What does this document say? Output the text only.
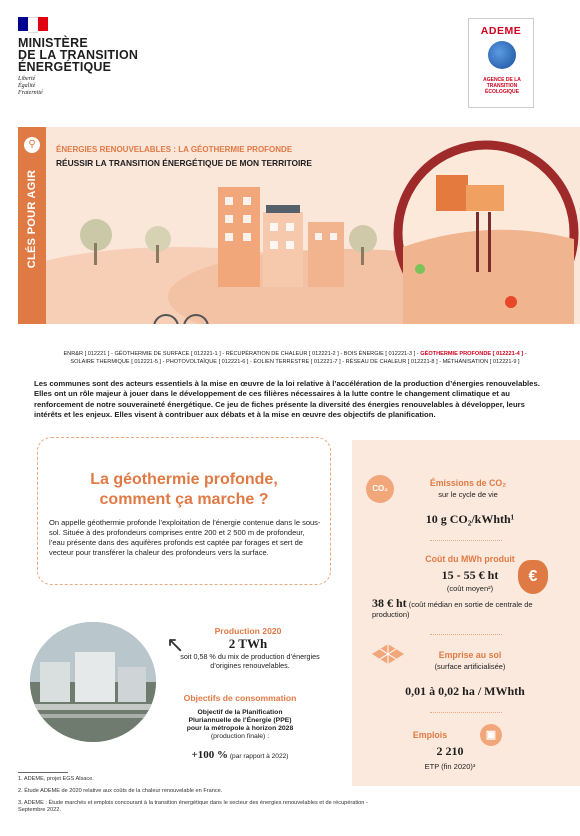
MINISTÈRE
DE LA TRANSITION
ÉNERGÉTIQUE
Liberté
Égalité
Fraternité
ADEME
AGENCE DE LA TRANSITION ÉCOLOGIQUE
⚲
CLÉS POUR AGIR
ÉNERGIES RENOUVELABLES : LA GÉOTHERMIE PROFONDE
RÉUSSIR LA TRANSITION ÉNERGÉTIQUE DE MON TERRITOIRE
ENR&R [ 012221 ] - GÉOTHERMIE DE SURFACE [ 012221-1 ] - RÉCUPÉRATION DE CHALEUR [ 012221-2 ] - BOIS ÉNERGIE [ 012221-3 ] - GÉOTHERMIE PROFONDE [ 012221-4 ] -
SOLAIRE THERMIQUE [ 012221-5 ] - PHOTOVOLTAÏQUE [ 012221-6 ] - ÉOLIEN TERRESTRE [ 012221-7 ] - RÉSEAU DE CHALEUR [ 012221-8 ] - MÉTHANISATION [ 012221-9 ]
Les communes sont des acteurs essentiels à la mise en œuvre de la loi relative à l’accélération de la production d’énergies renouvelables. Elles ont un rôle majeur à jouer dans le développement de ces filières nécessaires à la lutte contre le changement climatique et au renforcement de notre souveraineté énergétique. Ce jeu de fiches présente la diversité des énergies renouvelables à développer, leurs intérêts et les enjeux. Elles visent à contribuer aux débats et à la mise en œuvre des objectifs de planification.
La géothermie profonde,
comment ça marche ?
On appelle géothermie profonde l’exploitation de l’énergie contenue dans le sous-sol. Située à des profondeurs comprises entre 200 et 2 500 m de profondeur, l’eau présente dans des aquifères profonds est captée par forages et sert de vecteur pour transférer la chaleur des profondeurs vers la surface.
↖
Production 2020
2 TWh
soit 0,58 % du mix de production d’énergies d’origines renouvelables.
Objectifs de consommation
Objectif de la Planification
Pluriannuelle de l’Énergie (PPE)
pour la métropole à horizon 2028
(production finale) :
+100 % (par rapport à 2022)
CO₂
Émissions de CO₂
sur le cycle de vie
10 g CO₂/kWhth¹
Coût du MWh produit
15 - 55 € ht
(coût moyen²)
€
38 € ht (coût médian en sortie de centrale de production)
Emprise au sol
(surface artificialisée)
0,01 à 0,02 ha / MWhth
Emplois	▣
2 210
ETP (fin 2020)³
1. ADEME, projet EGS Alsace.
2. Étude ADEME de 2020 relative aux coûts de la chaleur renouvelable en France.
3. ADEME : Étude marchés et emplois concourant à la transition énergétique dans le secteur des énergies renouvelables et de récupération -
Septembre 2022.
